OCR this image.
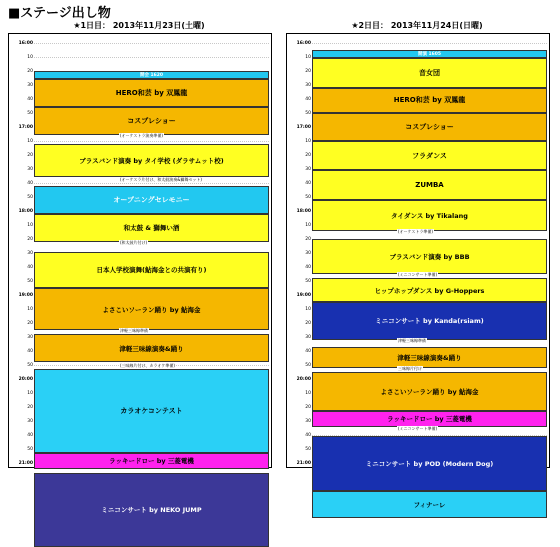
■ステージ出し物
★1日目： 2013年11月23日(土曜)	★2日目： 2013年11月24日(日曜)
16:00
10
20
30
40
50
17:00
10
20
30
40
50
18:00
10
20
30
40
50
19:00
10
20
30
40
50
20:00
10
20
30
40
50
21:00
開会 1620
HERO和芸 by 双鳳龍
コスプレショー
ブラスバンド演奏 by タイ学校 (ダラサムット校)
オープニングセレモニー
和太鼓 & 獅舞い酒
日本人学校演舞(鮎海金との共演有り)
よさこいソーラン踊り by 鮎海金
津軽三味線演奏&踊り
カラオケコンテスト
ラッキードロー by 三菱電機
ミニコンサート by NEKO JUMP
(オーケストラ演奏準備)
(オーケスラ片付け、和太鼓演奏&獅舞セット)
(和太鼓片付け)
津軽三味線準備
(三味線片付け、カラオケ準備)
16:00
10
20
30
40
50
17:00
10
20
30
40
50
18:00
10
20
30
40
50
19:00
10
20
30
40
50
20:00
10
20
30
40
50
21:00
開演 1605
音女団
HERO和芸 by 双鳳龍
コスプレショー
フラダンス
ZUMBA
タイダンス by Tikalang
ブラスバンド演奏 by BBB
ヒップホップダンス by G-Hoppers
ミニコンサート by Kanda(rsiam)
津軽三味線演奏&踊り
よさこいソーラン踊り by 鮎海金
ラッキードロー by 三菱電機
ミニコンサート by POD (Modern Dog)
フィナーレ
(オーケストラ準備)
(ミニコンサート準備)
津軽三味線準備
三味線片付け
(ミニコンサート準備)
